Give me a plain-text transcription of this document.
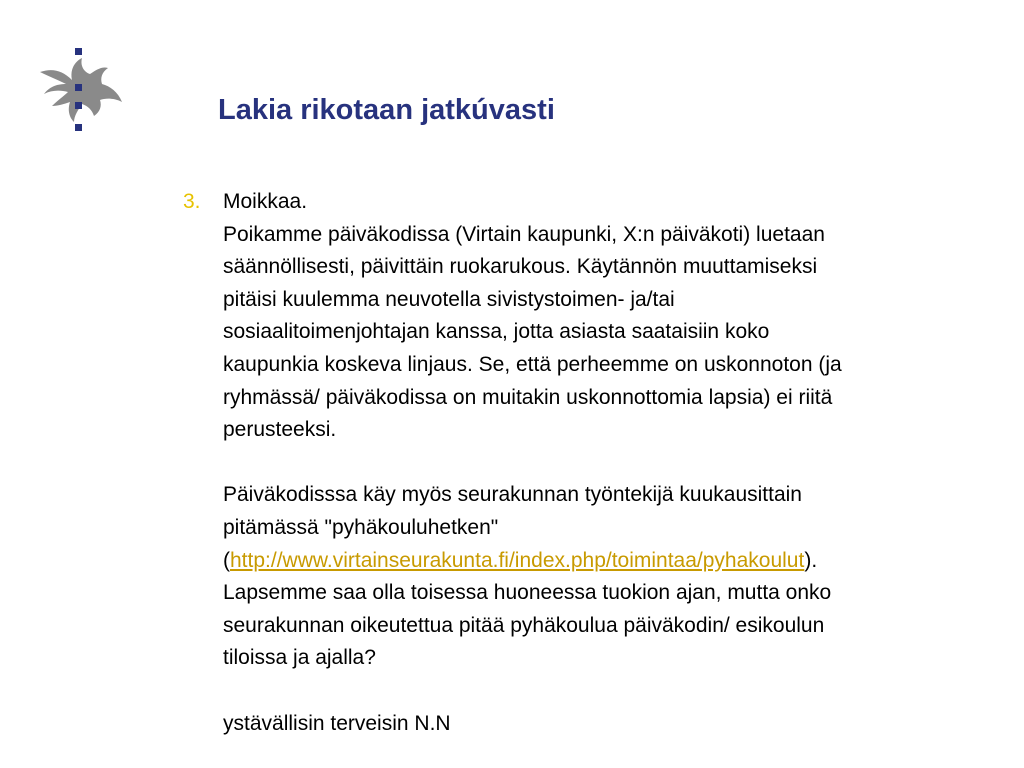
Lakia rikotaan jatkúvasti
3. Moikkaa.
Poikamme päiväkodissa (Virtain kaupunki, X:n päiväkoti) luetaan
säännöllisesti, päivittäin ruokarukous. Käytännön muuttamiseksi
pitäisi kuulemma neuvotella sivistystoimen- ja/tai
sosiaalitoimenjohtajan kanssa, jotta asiasta saataisiin koko
kaupunkia koskeva linjaus. Se, että perheemme on uskonnoton (ja
ryhmässä/ päiväkodissa on muitakin uskonnottomia lapsia) ei riitä
perusteeksi.
Päiväkodisssa käy myös seurakunnan työntekijä kuukausittain
pitämässä "pyhäkouluhetken"
(http://www.virtainseurakunta.fi/index.php/toimintaa/pyhakoulut).
Lapsemme saa olla toisessa huoneessa tuokion ajan, mutta onko
seurakunnan oikeutettua pitää pyhäkoulua päiväkodin/ esikoulun
tiloissa ja ajalla?
ystävällisin terveisin N.N
